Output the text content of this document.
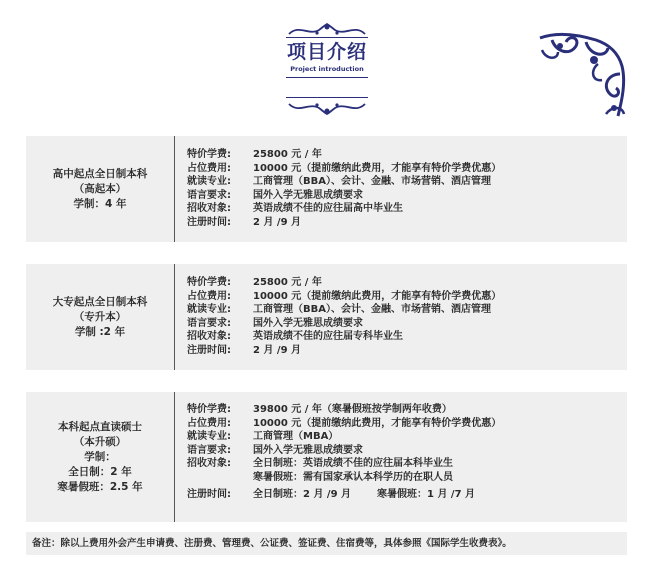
项目介绍
Project introduction
高中起点全日制本科
（高起本）
学制：4 年
特价学费:	25800 元 / 年
占位费用:	10000 元（提前缴纳此费用，才能享有特价学费优惠）
就读专业:	工商管理（BBA）、会计、金融、市场营销、酒店管理
语言要求:	国外入学无雅思成绩要求
招收对象:	英语成绩不佳的应往届高中毕业生
注册时间:	2 月 /9 月
大专起点全日制本科
（专升本）
学制 :2 年
特价学费:	25800 元 / 年
占位费用:	10000 元（提前缴纳此费用，才能享有特价学费优惠）
就读专业:	工商管理（BBA）、会计、金融、市场营销、酒店管理
语言要求:	国外入学无雅思成绩要求
招收对象:	英语成绩不佳的应往届专科毕业生
注册时间:	2 月 /9 月
本科起点直读硕士
（本升硕）
学制：
全日制：2 年
寒暑假班：2.5 年
特价学费:	39800 元 / 年（寒暑假班按学制两年收费）
占位费用:	10000 元（提前缴纳此费用，才能享有特价学费优惠）
就读专业:	工商管理（MBA）
语言要求:	国外入学无雅思成绩要求
招收对象:	全日制班：英语成绩不佳的应往届本科毕业生
寒暑假班：需有国家承认本科学历的在职人员
注册时间:	全日制班：2 月 /9 月	寒暑假班：1 月 /7 月
备注：除以上费用外会产生申请费、注册费、管理费、公证费、签证费、住宿费等，具体参照《国际学生收费表》。
